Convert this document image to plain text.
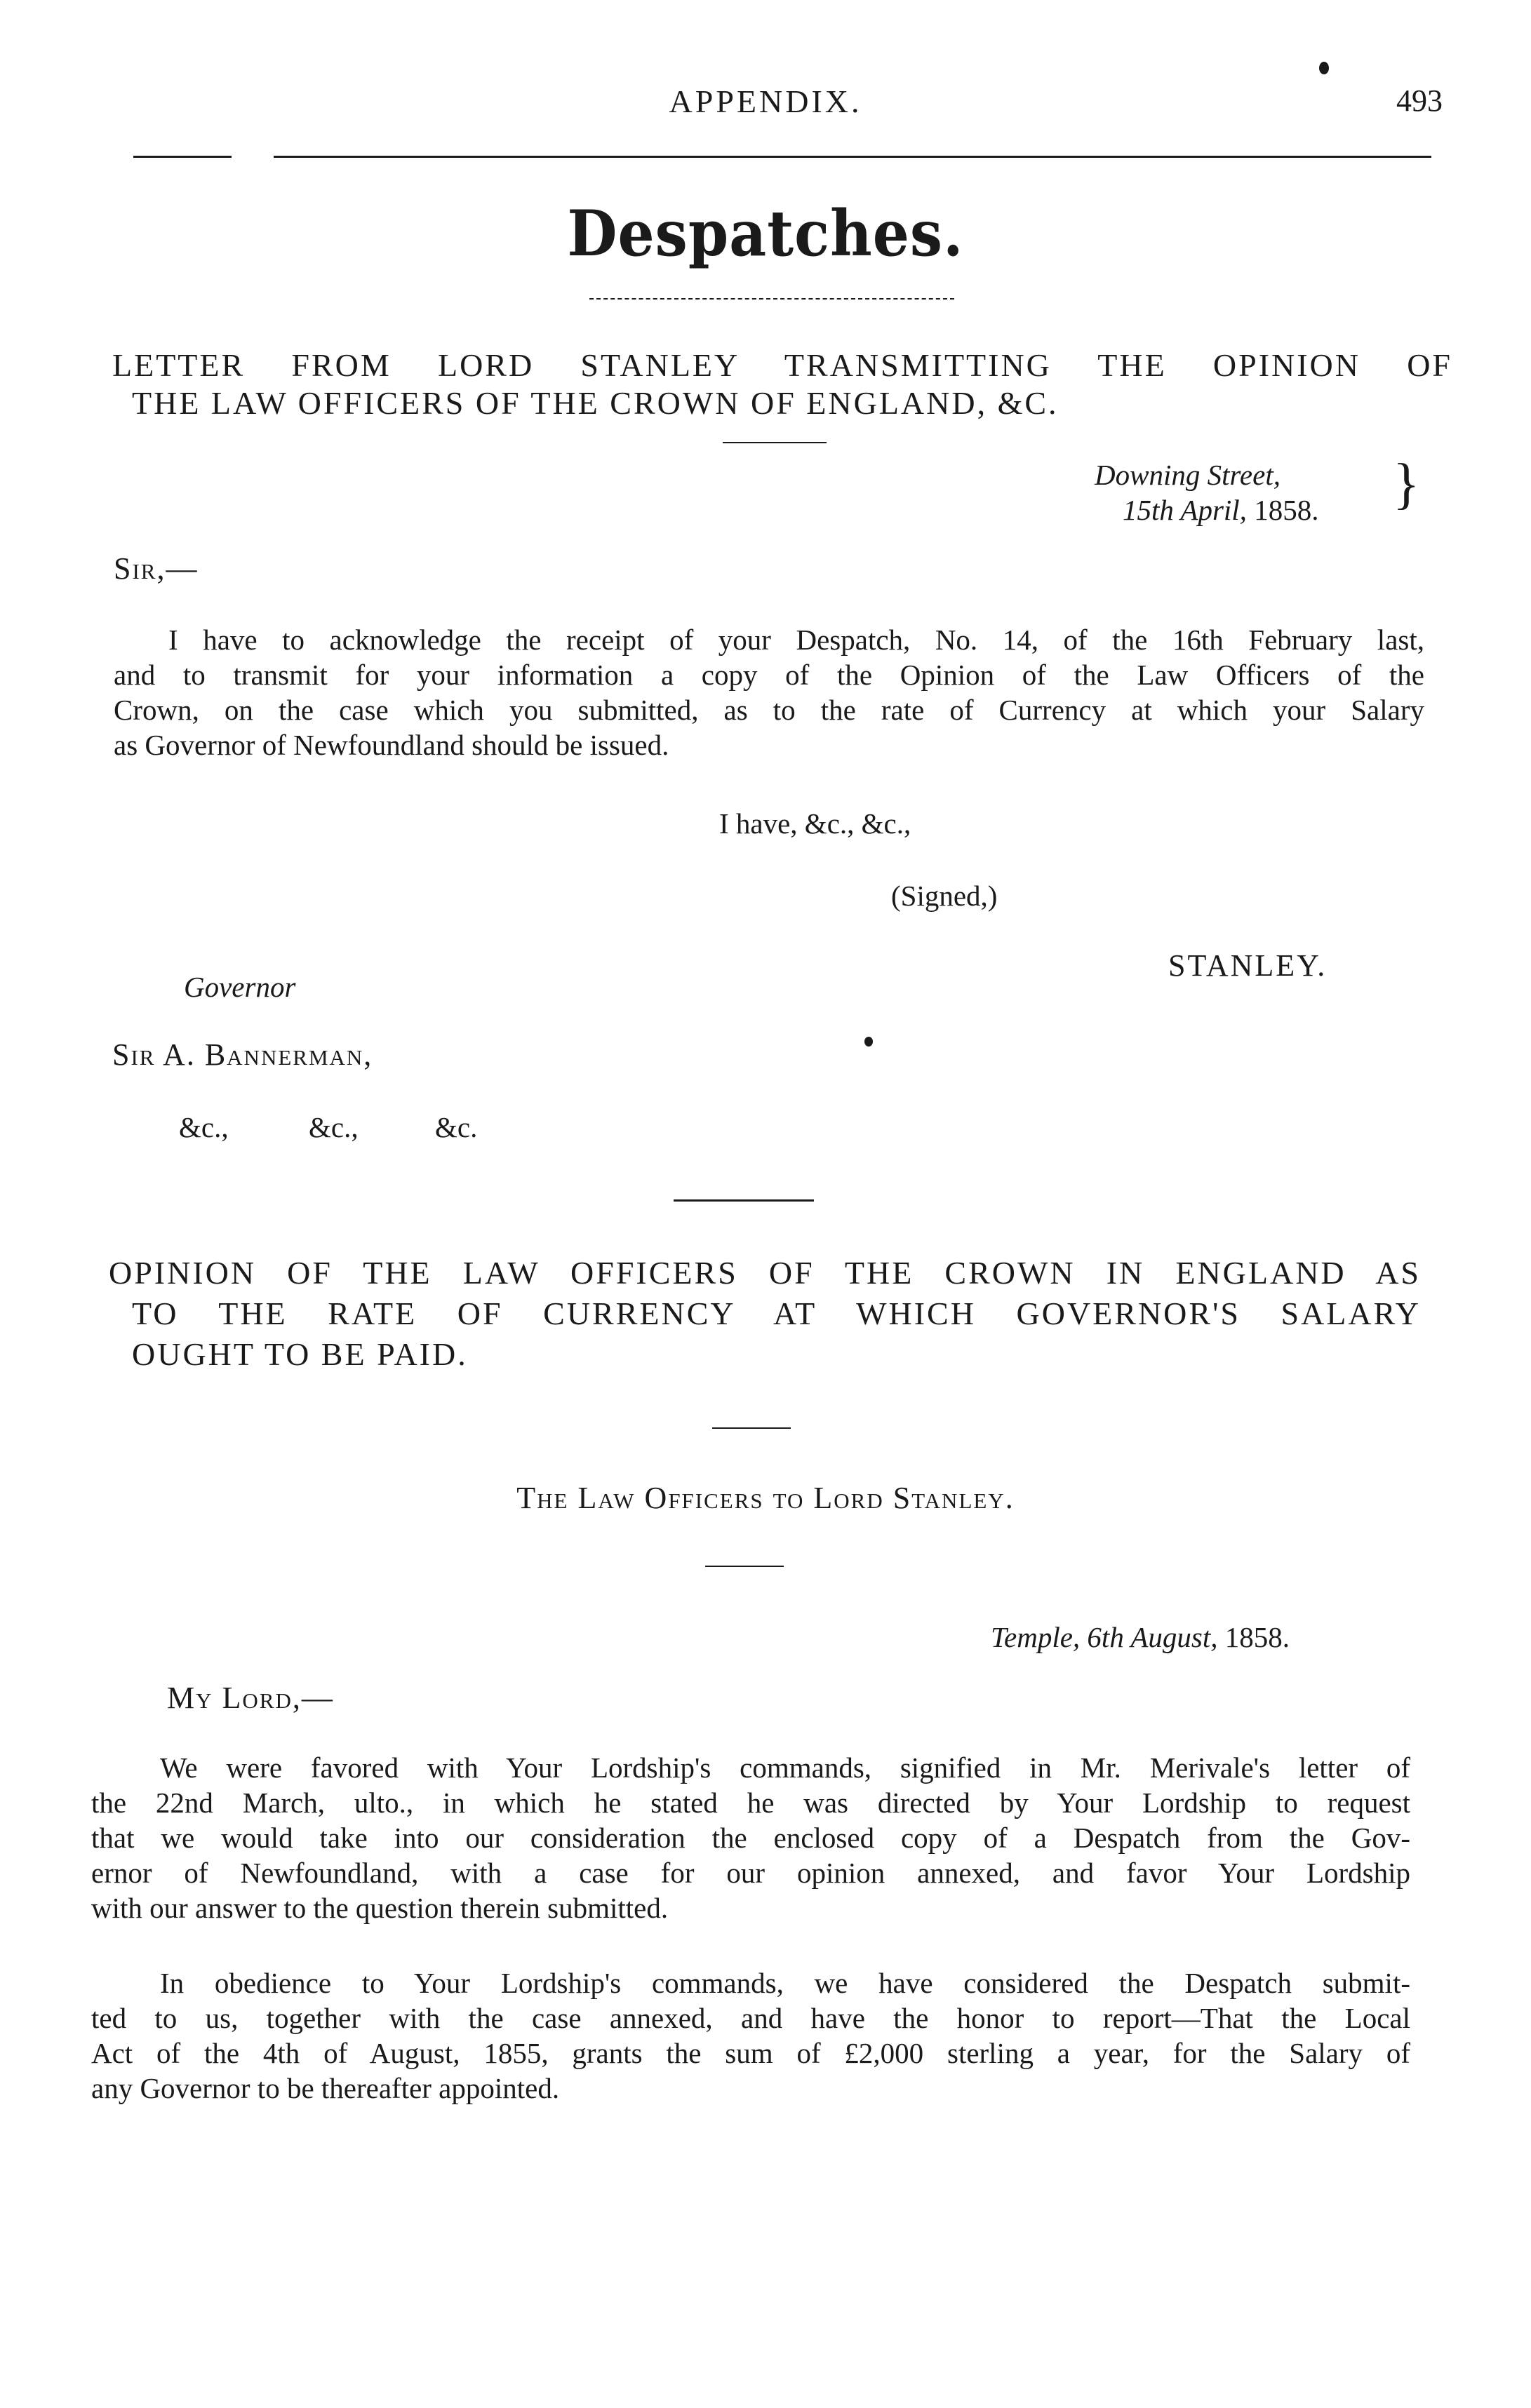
APPENDIX.	493
Despatches.
LETTER FROM LORD STANLEY TRANSMITTING THE OPINION OF
THE LAW OFFICERS OF THE CROWN OF ENGLAND, &C.
Downing Street,
15th April, 1858. }
Sir,—
I have to acknowledge the receipt of your Despatch, No. 14, of the 16th February last,
and to transmit for your information a copy of the Opinion of the Law Officers of the
Crown, on the case which you submitted, as to the rate of Currency at which your Salary
as Governor of Newfoundland should be issued.
I have, &c., &c.,
(Signed,)
STANLEY.
Governor
Sir A. Bannerman,
&c.,	&c.,	&c.
OPINION OF THE LAW OFFICERS OF THE CROWN IN ENGLAND AS
TO THE RATE OF CURRENCY AT WHICH GOVERNOR'S SALARY
OUGHT TO BE PAID.
The Law Officers to Lord Stanley.
Temple, 6th August, 1858.
My Lord,—
We were favored with Your Lordship's commands, signified in Mr. Merivale's letter of
the 22nd March, ulto., in which he stated he was directed by Your Lordship to request
that we would take into our consideration the enclosed copy of a Despatch from the Gov-
ernor of Newfoundland, with a case for our opinion annexed, and favor Your Lordship
with our answer to the question therein submitted.
In obedience to Your Lordship's commands, we have considered the Despatch submit-
ted to us, together with the case annexed, and have the honor to report—That the Local
Act of the 4th of August, 1855, grants the sum of £2,000 sterling a year, for the Salary of
any Governor to be thereafter appointed.
